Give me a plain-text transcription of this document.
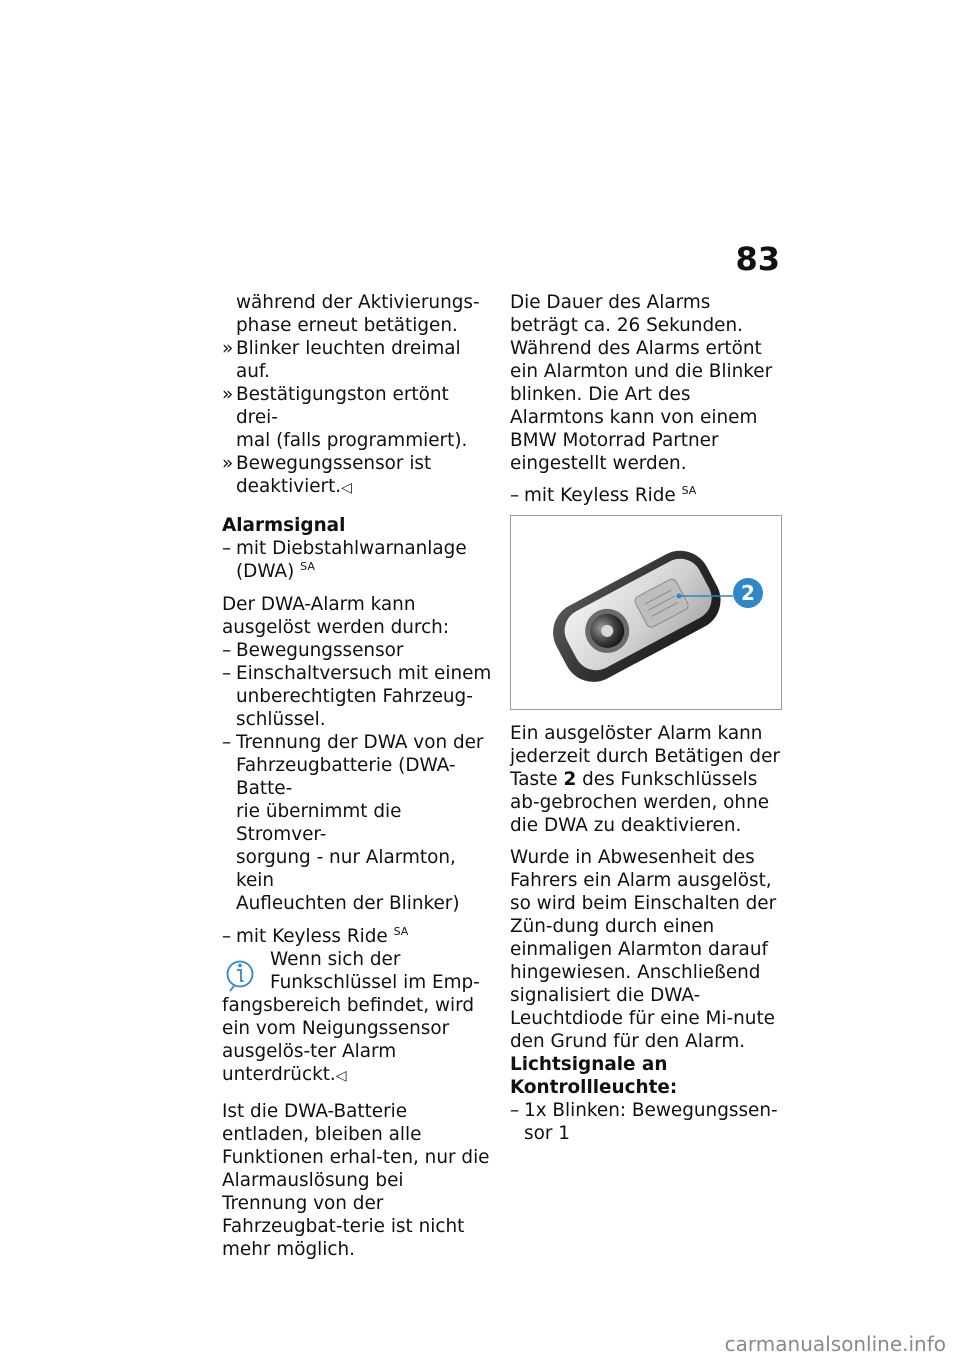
83
während der Aktivierungs-
phase erneut betätigen.
» Blinker leuchten dreimal auf.
» Bestätigungston ertönt drei-
mal (falls programmiert).
» Bewegungssensor ist
deaktiviert.◁
Alarmsignal
– mit Diebstahlwarnanlage
(DWA) $^{SA}$
Der DWA-Alarm kann ausgelöst werden durch:
– Bewegungssensor
– Einschaltversuch mit einem
unberechtigten Fahrzeug-
schlüssel.
– Trennung der DWA von der
Fahrzeugbatterie (DWA-Batte-
rie übernimmt die Stromver-
sorgung - nur Alarmton, kein
Aufleuchten der Blinker)
– mit Keyless Ride $^{SA}$
Wenn sich der Funkschlüssel im Emp-fangsbereich befindet, wird ein vom Neigungssensor ausgelös-ter Alarm unterdrückt.◁
Ist die DWA-Batterie entladen, bleiben alle Funktionen erhal-ten, nur die Alarmauslösung bei Trennung von der Fahrzeugbat-terie ist nicht mehr möglich.
Die Dauer des Alarms beträgt ca. 26 Sekunden. Während des Alarms ertönt ein Alarmton und die Blinker blinken. Die Art des Alarmtons kann von einem BMW Motorrad Partner eingestellt werden.
– mit Keyless Ride $^{SA}$
2
Ein ausgelöster Alarm kann jederzeit durch Betätigen der Taste 2 des Funkschlüssels ab-gebrochen werden, ohne die DWA zu deaktivieren.
Wurde in Abwesenheit des Fahrers ein Alarm ausgelöst, so wird beim Einschalten der Zün-dung durch einen einmaligen Alarmton darauf hingewiesen. Anschließend signalisiert die DWA-Leuchtdiode für eine Mi-nute den Grund für den Alarm.
Lichtsignale an
Kontrollleuchte:
– 1x Blinken: Bewegungssen-
sor 1
carmanualsonline.info
